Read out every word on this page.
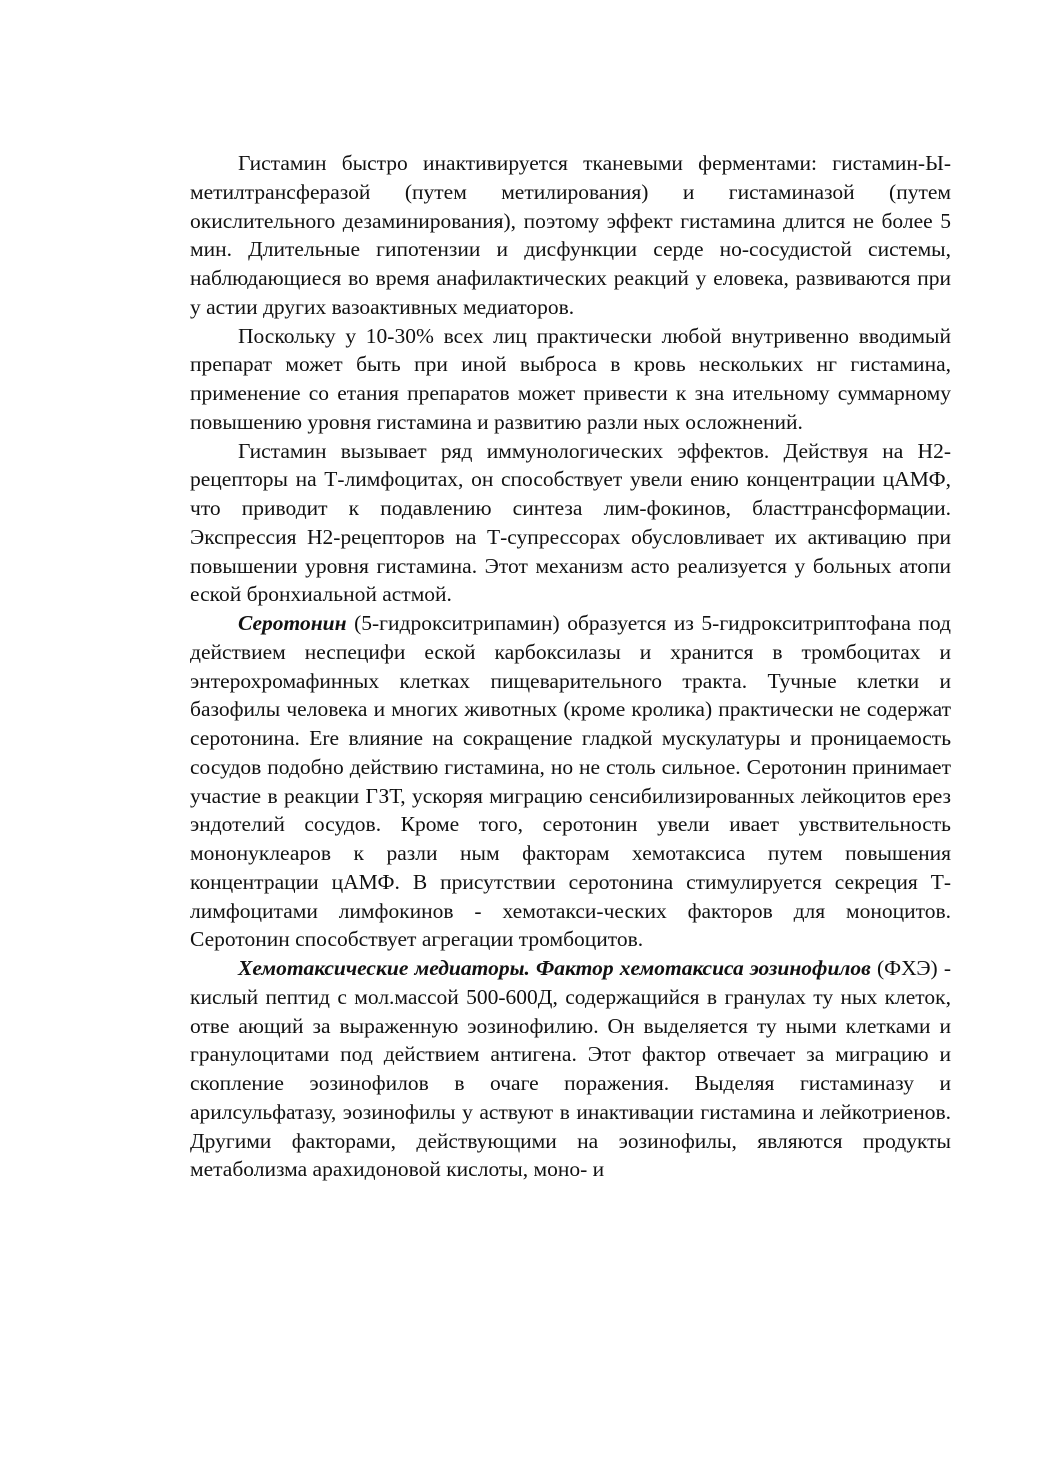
Гистамин быстро инактивируется тканевыми ферментами: гистамин-Ы-метилтрансферазой (путем метилирования) и гистаминазой (путем окислительного дезаминирования), поэтому эффект гистамина длится не более 5 мин. Длительные гипотензии и дисфункции серде но-сосудистой системы, наблюдающиеся во время анафилактических реакций у еловека, развиваются при у астии других вазоактивных медиаторов.

Поскольку у 10-30% всех лиц практически любой внутривенно вводимый препарат может быть при иной выброса в кровь нескольких нг гистамина, применение со етания препаратов может привести к зна ительному суммарному повышению уровня гистамина и развитию разли ных осложнений.

Гистамин вызывает ряд иммунологических эффектов. Действуя на Н2-рецепторы на Т-лимфоцитах, он способствует увели ению концентрации цАМФ, что приводит к подавлению синтеза лим-фокинов, бласттрансформации. Экспрессия Н2-рецепторов на Т-супрессорах обусловливает их активацию при повышении уровня гистамина. Этот механизм асто реализуется у больных атопи еской бронхиальной астмой.

Серотонин (5-гидрокситрипамин) образуется из 5-гидрокситриптофана под действием неспецифи еской карбоксилазы и хранится в тромбоцитах и энтерохромафинных клетках пищеварительного тракта. Тучные клетки и базофилы человека и многих животных (кроме кролика) практически не содержат серотонина. Ere влияние на сокращение гладкой мускулатуры и проницаемость сосудов подобно действию гистамина, но не столь сильное. Серотонин принимает участие в реакции ГЗТ, ускоряя миграцию сенсибилизированных лейкоцитов ерез эндотелий сосудов. Кроме того, серотонин увели ивает увствительность мононуклеаров к разли ным факторам хемотаксиса путем повышения концентрации цАМФ. В присутствии серотонина стимулируется секреция Т-лимфоцитами лимфокинов - хемотакси-ческих факторов для моноцитов. Серотонин способствует агрегации тромбоцитов.

Хемотаксические медиаторы. Фактор хемотаксиса эозинофилов (ФХЭ) - кислый пептид с мол.массой 500-600Д, содержащийся в гранулах ту ных клеток, отве ающий за выраженную эозинофилию. Он выделяется ту ными клетками и гранулоцитами под действием антигена. Этот фактор отвечает за миграцию и скопление эозинофилов в очаге поражения. Выделяя гистаминазу и арилсульфатазу, эозинофилы у аствуют в инактивации гистамина и лейкотриенов. Другими факторами, действующими на эозинофилы, являются продукты метаболизма арахидоновой кислоты, моно- и
